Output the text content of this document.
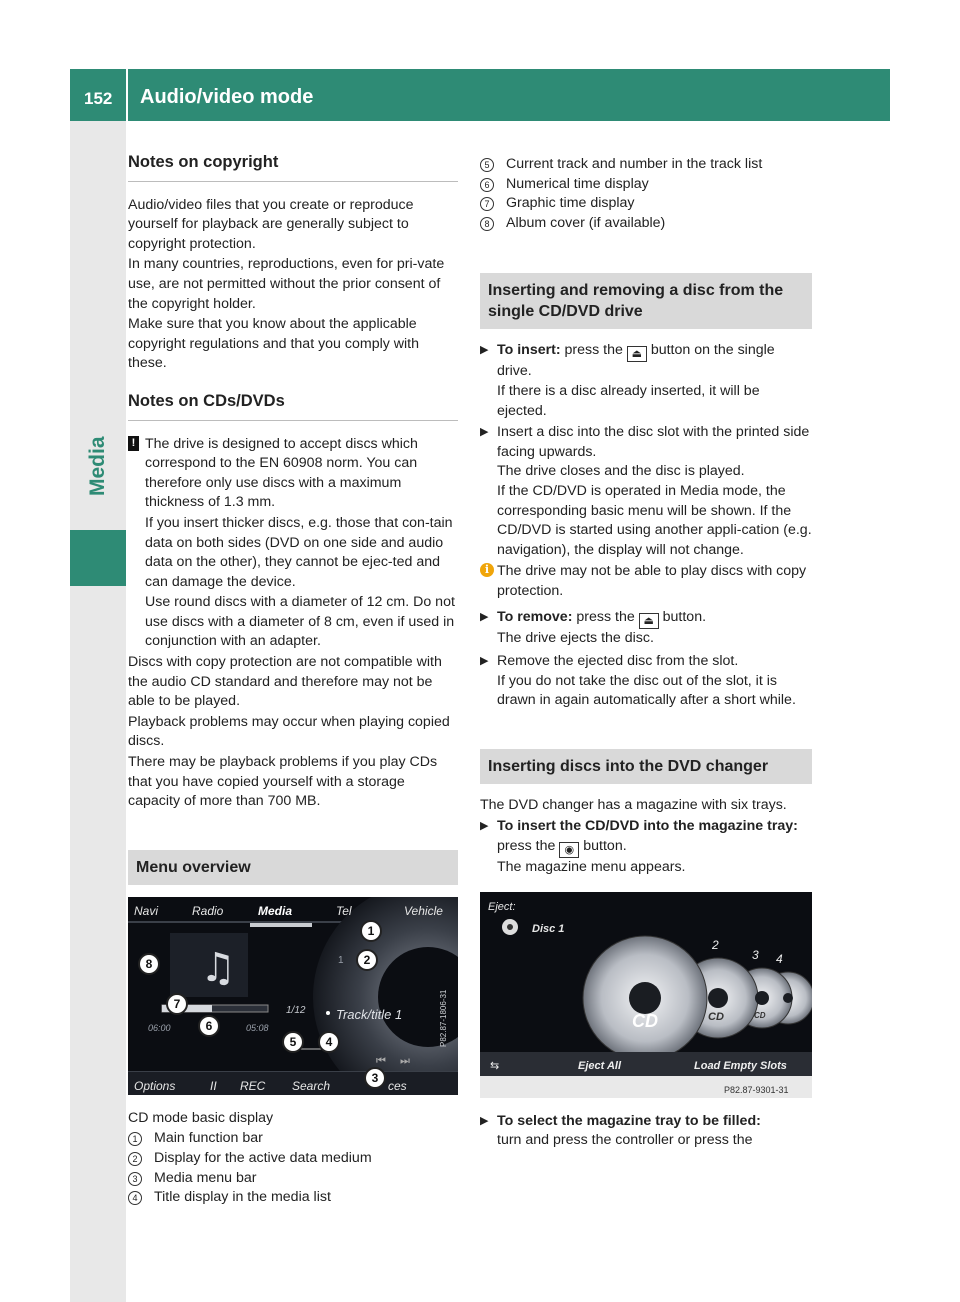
152 Audio/video mode
Media
Notes on copyright

Audio/video files that you create or reproduce yourself for playback are generally subject to copyright protection.

In many countries, reproductions, even for pri-vate use, are not permitted without the prior consent of the copyright holder.

Make sure that you know about the applicable copyright regulations and that you comply with these.

Notes on CDs/DVDs
! The drive is designed to accept discs which correspond to the EN 60908 norm. You can therefore only use discs with a maximum thickness of 1.3 mm.

If you insert thicker discs, e.g. those that con-tain data on both sides (DVD on one side and audio data on the other), they cannot be ejec-ted and can damage the device.

Use round discs with a diameter of 12 cm. Do not use discs with a diameter of 8 cm, even if used in conjunction with an adapter.

Discs with copy protection are not compatible with the audio CD standard and therefore may not be able to be played.

Playback problems may occur when playing copied discs.

There may be playback problems if you play CDs that you have copied yourself with a storage capacity of more than 700 MB.

Menu overview
♫
⏮ ⏭
Navi	Radio	Media	Tel	Vehicle
1
1/12 Track/title 1
06:00	05:08
Options	II REC Search	ces
P82.87-1806-31
1
2
3
4
5
6
7
8

CD mode basic display

1	Main function bar
2	Display for the active data medium
3	Media menu bar
4	Title display in the media list
5	Current track and number in the track list
6	Numerical time display
7	Graphic time display
8	Album cover (if available)
Inserting and removing a disc from the single CD/DVD drive
▶ To insert: press the ⏏ button on the single drive.

If there is a disc already inserted, it will be ejected.

▶ Insert a disc into the disc slot with the printed side facing upwards.

The drive closes and the disc is played.

If the CD/DVD is operated in Media mode, the corresponding basic menu will be shown. If the CD/DVD is started using another appli-cation (e.g. navigation), the display will not change.

i The drive may not be able to play discs with copy protection.

▶ To remove: press the ⏏ button.

The drive ejects the disc.

▶ Remove the ejected disc from the slot.

If you do not take the disc out of the slot, it is drawn in again automatically after a short while.

Inserting discs into the DVD changer

The DVD changer has a magazine with six trays.

▶ To insert the CD/DVD into the magazine tray: press the ◉ button.

The magazine menu appears.

⇆
Eject:
Disc 1
2
3 4
CD	CD	CD
Eject All	Load Empty Slots
P82.87-9301-31
▶ To select the magazine tray to be filled:

turn and press the controller or press the
